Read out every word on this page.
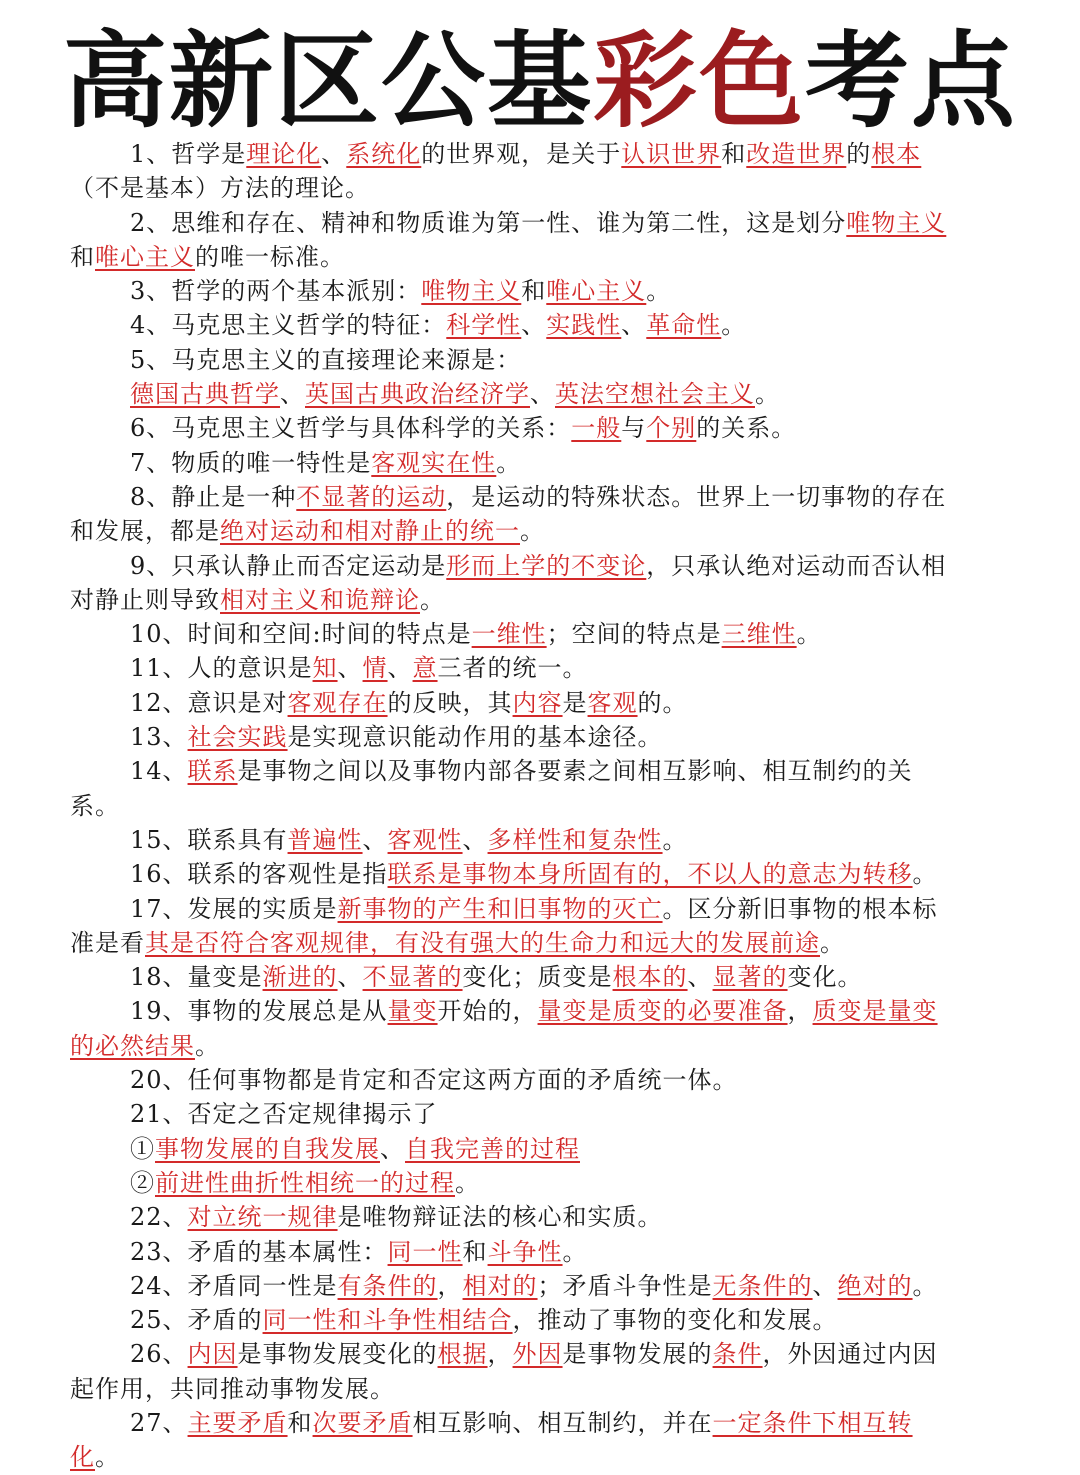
高新区公基 彩色 考点

1、哲学是理论化、系统化的世界观，是关于认识世界和改造世界的根本（不是基本）方法的理论。

2、思维和存在、精神和物质谁为第一性、谁为第二性，这是划分唯物主义和唯心主义的唯一标准。

3、哲学的两个基本派别：唯物主义和唯心主义。

4、马克思主义哲学的特征：科学性、实践性、革命性。

5、马克思主义的直接理论来源是：

德国古典哲学、英国古典政治经济学、英法空想社会主义。

6、马克思主义哲学与具体科学的关系：一般与个别的关系。

7、物质的唯一特性是客观实在性。

8、静止是一种不显著的运动，是运动的特殊状态。世界上一切事物的存在和发展，都是绝对运动和相对静止的统一。

9、只承认静止而否定运动是形而上学的不变论，只承认绝对运动而否认相对静止则导致相对主义和诡辩论。

10、时间和空间:时间的特点是一维性；空间的特点是三维性。

11、人的意识是知、情、意三者的统一。

12、意识是对客观存在的反映，其内容是客观的。

13、社会实践是实现意识能动作用的基本途径。

14、联系是事物之间以及事物内部各要素之间相互影响、相互制约的关系。

15、联系具有普遍性、客观性、多样性和复杂性。

16、联系的客观性是指联系是事物本身所固有的，不以人的意志为转移。

17、发展的实质是新事物的产生和旧事物的灭亡。区分新旧事物的根本标准是看其是否符合客观规律，有没有强大的生命力和远大的发展前途。

18、量变是渐进的、不显著的变化；质变是根本的、显著的变化。

19、事物的发展总是从量变开始的，量变是质变的必要准备，质变是量变的必然结果。

20、任何事物都是肯定和否定这两方面的矛盾统一体。

21、否定之否定规律揭示了

①事物发展的自我发展、自我完善的过程

②前进性曲折性相统一的过程。

22、对立统一规律是唯物辩证法的核心和实质。

23、矛盾的基本属性：同一性和斗争性。

24、矛盾同一性是有条件的，相对的；矛盾斗争性是无条件的、绝对的。

25、矛盾的同一性和斗争性相结合，推动了事物的变化和发展。

26、内因是事物发展变化的根据，外因是事物发展的条件，外因通过内因起作用，共同推动事物发展。

27、主要矛盾和次要矛盾相互影响、相互制约，并在一定条件下相互转化。
